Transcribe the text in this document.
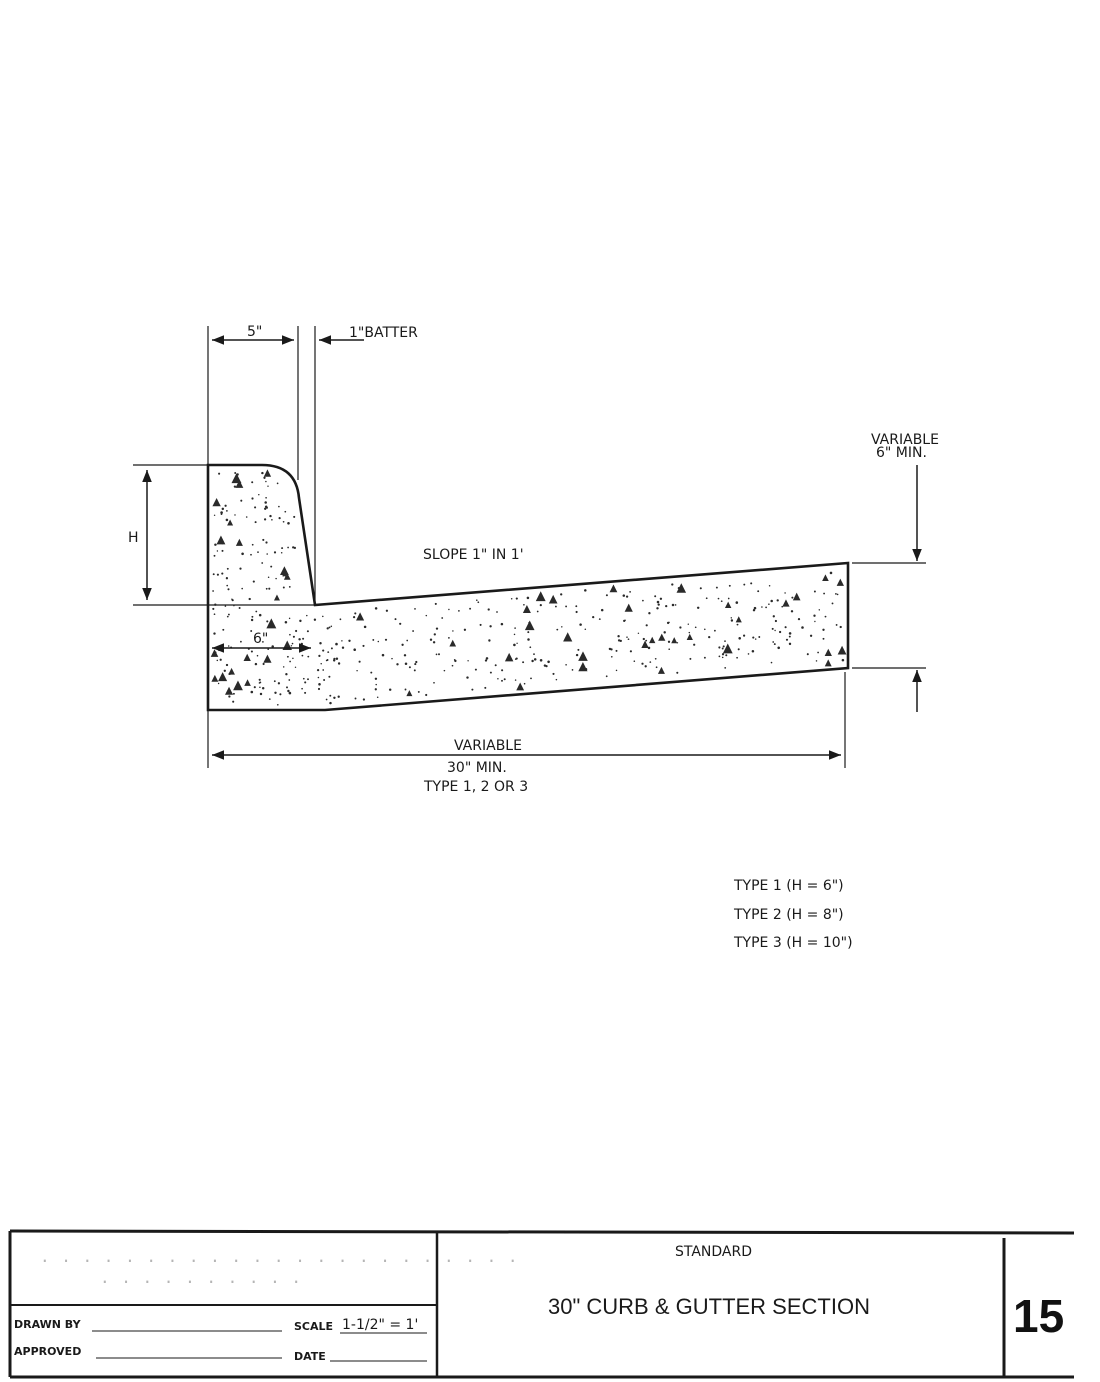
5"	1"BATTER
H
6"
SLOPE 1" IN 1'
VARIABLE
6" MIN.
VARIABLE
30" MIN.
TYPE 1, 2 OR 3
TYPE 1 (H = 6")
TYPE 2 (H = 8")
TYPE 3 (H = 10")
. . . . . . . . . . . . . . . . . . . . . . .
. . . . . . . . . .
DRAWN BY	SCALE 1-1/2" = 1'
APPROVED	DATE
STANDARD
30" CURB & GUTTER SECTION	15
